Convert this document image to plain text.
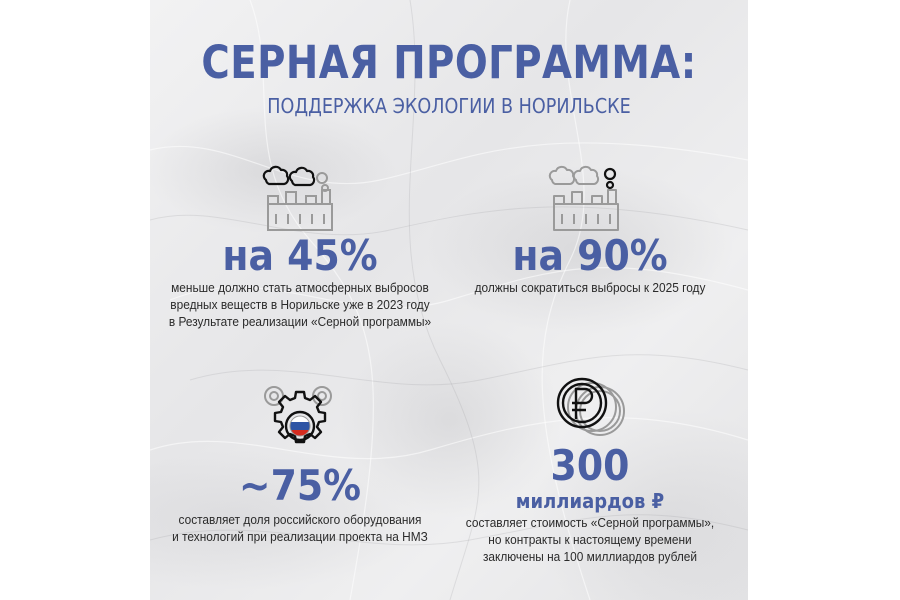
СЕРНАЯ ПРОГРАММА:
ПОДДЕРЖКА ЭКОЛОГИИ В НОРИЛЬСКЕ
на 45%
меньше должно стать атмосферных выбросов
вредных веществ в Норильске уже в 2023 году
в Результате реализации «Серной программы»
на 90%
должны сократиться выбросы к 2025 году
~75%
составляет доля российского оборудования
и технологий при реализации проекта на НМЗ
300
миллиардов ₽
составляет стоимость «Серной программы»,
но контракты к настоящему времени
заключены на 100 миллиардов рублей
